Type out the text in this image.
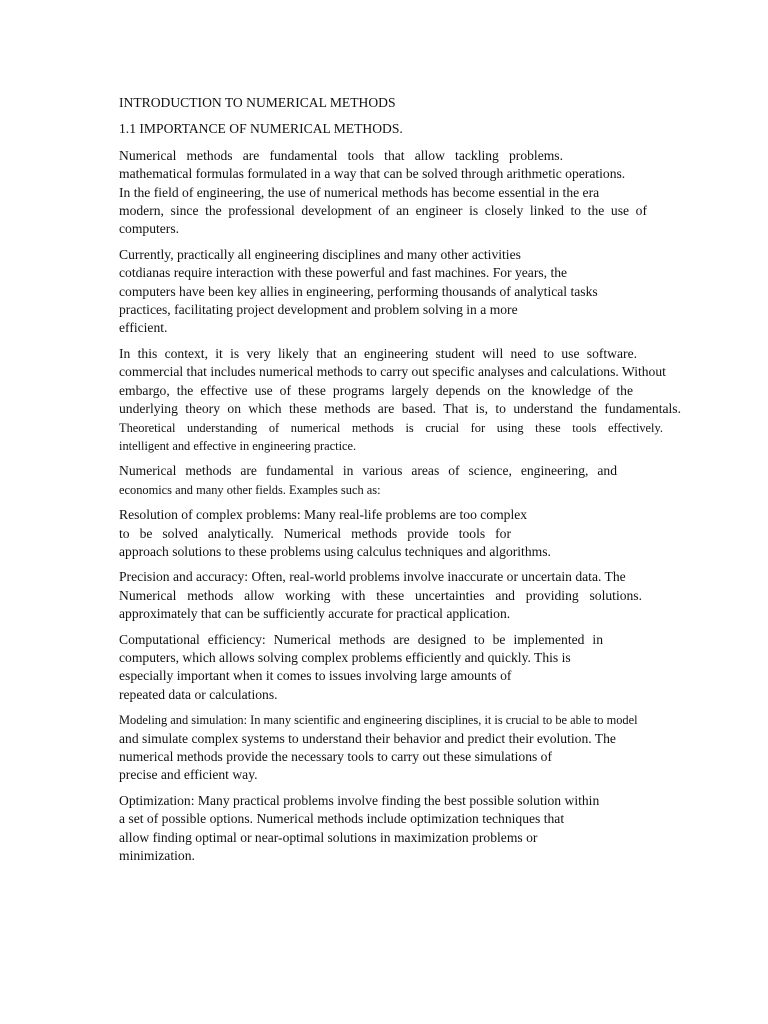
INTRODUCTION TO NUMERICAL METHODS
1.1 IMPORTANCE OF NUMERICAL METHODS.
Numerical methods are fundamental tools that allow tackling problems.
mathematical formulas formulated in a way that can be solved through arithmetic operations.
In the field of engineering, the use of numerical methods has become essential in the era
modern, since the professional development of an engineer is closely linked to the use of
computers.
Currently, practically all engineering disciplines and many other activities
cotdianas require interaction with these powerful and fast machines. For years, the
computers have been key allies in engineering, performing thousands of analytical tasks
practices, facilitating project development and problem solving in a more
efficient.
In this context, it is very likely that an engineering student will need to use software.
commercial that includes numerical methods to carry out specific analyses and calculations. Without
embargo, the effective use of these programs largely depends on the knowledge of the
underlying theory on which these methods are based. That is, to understand the fundamentals.
Theoretical understanding of numerical methods is crucial for using these tools effectively.
intelligent and effective in engineering practice.
Numerical methods are fundamental in various areas of science, engineering, and
economics and many other fields. Examples such as:
Resolution of complex problems: Many real-life problems are too complex
to be solved analytically. Numerical methods provide tools for
approach solutions to these problems using calculus techniques and algorithms.
Precision and accuracy: Often, real-world problems involve inaccurate or uncertain data. The
Numerical methods allow working with these uncertainties and providing solutions.
approximately that can be sufficiently accurate for practical application.
Computational efficiency: Numerical methods are designed to be implemented in
computers, which allows solving complex problems efficiently and quickly. This is
especially important when it comes to issues involving large amounts of
repeated data or calculations.
Modeling and simulation: In many scientific and engineering disciplines, it is crucial to be able to model
and simulate complex systems to understand their behavior and predict their evolution. The
numerical methods provide the necessary tools to carry out these simulations of
precise and efficient way.
Optimization: Many practical problems involve finding the best possible solution within
a set of possible options. Numerical methods include optimization techniques that
allow finding optimal or near-optimal solutions in maximization problems or
minimization.
